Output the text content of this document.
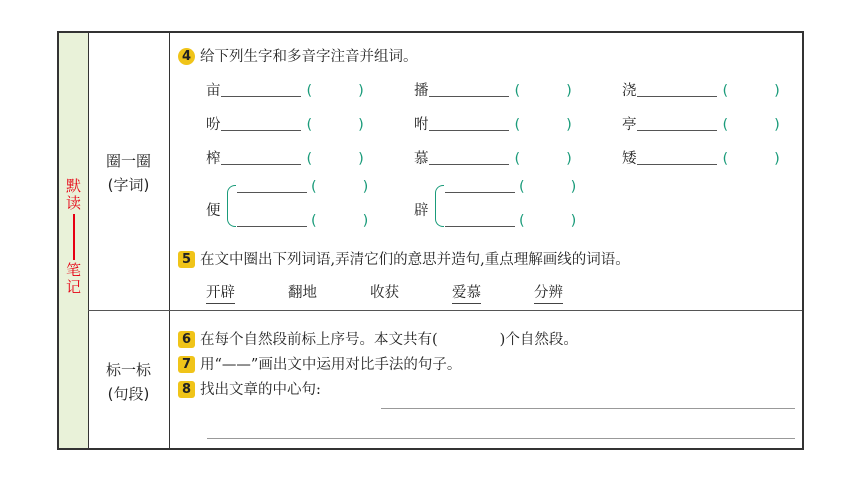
默读
笔记
圈一圈
(字词)
标一标
(句段)
4 给下列生字和多音字注音并组词。
亩	(	)	播	(	)	浇	(	)
吩	(	)	咐	(	)	亭	(	)
榨	(	)	慕	(	)	矮	(	)
便
(	)
(	)
辟
(	)
(	)
5 在文中圈出下列词语,弄清它们的意思并造句,重点理解画线的词语。
开辟	翻地	收获	爱慕	分辨
6 在每个自然段前标上序号。本文共有(	)个自然段。
7 用“——”画出文中运用对比手法的句子。
8 找出文章的中心句:
